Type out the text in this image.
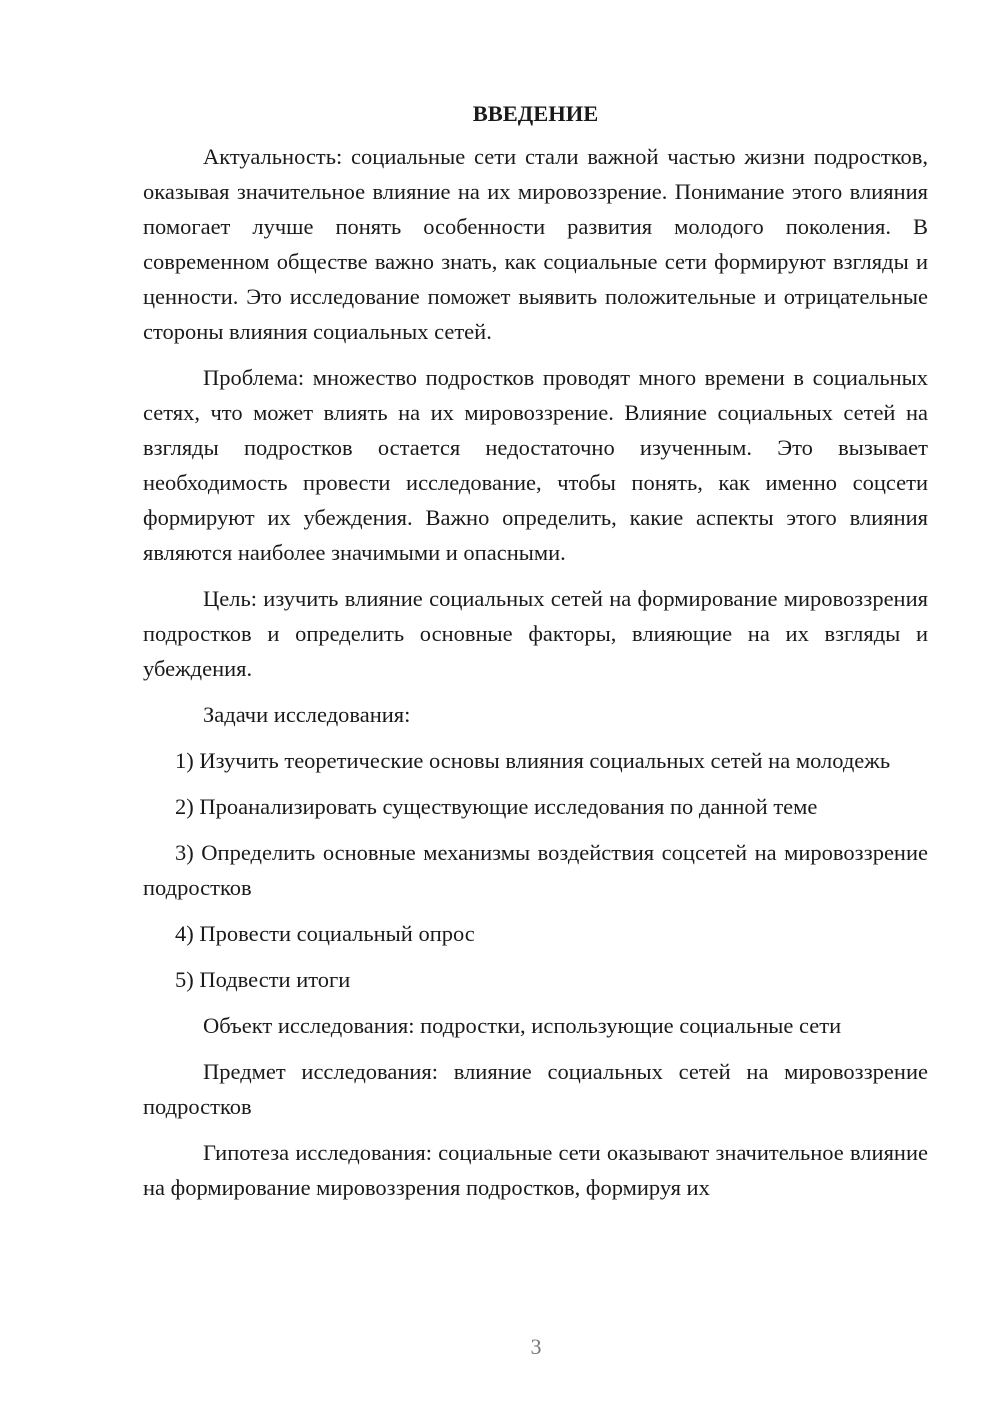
ВВЕДЕНИЕ

Актуальность: социальные сети стали важной частью жизни подростков, оказывая значительное влияние на их мировоззрение. Понимание этого влияния помогает лучше понять особенности развития молодого поколения. В современном обществе важно знать, как социальные сети формируют взгляды и ценности. Это исследование поможет выявить положительные и отрицательные стороны влияния социальных сетей.

Проблема: множество подростков проводят много времени в социальных сетях, что может влиять на их мировоззрение. Влияние социальных сетей на взгляды подростков остается недостаточно изученным. Это вызывает необходимость провести исследование, чтобы понять, как именно соцсети формируют их убеждения. Важно определить, какие аспекты этого влияния являются наиболее значимыми и опасными.

Цель: изучить влияние социальных сетей на формирование мировоззрения подростков и определить основные факторы, влияющие на их взгляды и убеждения.

Задачи исследования:

1) Изучить теоретические основы влияния социальных сетей на молодежь

2) Проанализировать существующие исследования по данной теме

3) Определить основные механизмы воздействия соцсетей на мировоззрение подростков

4) Провести социальный опрос

5) Подвести итоги

Объект исследования: подростки, использующие социальные сети

Предмет исследования: влияние социальных сетей на мировоззрение подростков

Гипотеза исследования: социальные сети оказывают значительное влияние на формирование мировоззрения подростков, формируя их

3
